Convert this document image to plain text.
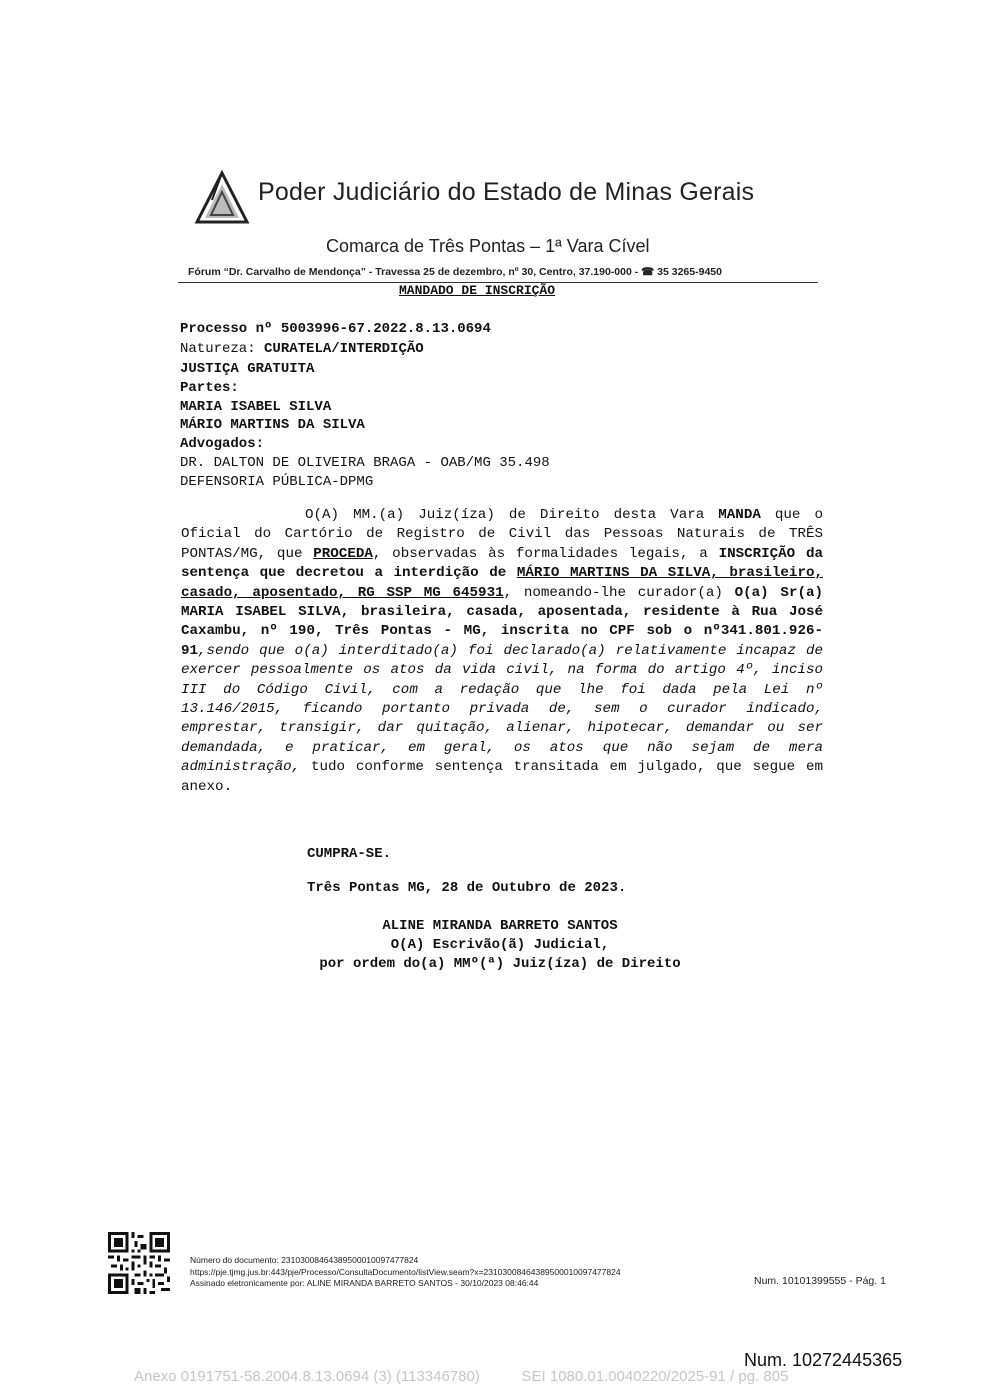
Poder Judiciário do Estado de Minas Gerais
Comarca de Três Pontas – 1ª Vara Cível
Fórum “Dr. Carvalho de Mendonça” - Travessa 25 de dezembro, nº 30, Centro, 37.190-000 - ☎ 35 3265-9450
MANDADO DE INSCRIÇÃO
Processo nº 5003996-67.2022.8.13.0694
Natureza: CURATELA/INTERDIÇÃO
JUSTIÇA GRATUITA
Partes:
MARIA ISABEL SILVA
MÁRIO MARTINS DA SILVA
Advogados:
DR. DALTON DE OLIVEIRA BRAGA - OAB/MG 35.498
DEFENSORIA PÚBLICA-DPMG

O(A) MM.(a) Juiz(íza) de Direito desta Vara MANDA que o Oficial do Cartório de Registro de Civil das Pessoas Naturais de TRÊS PONTAS/MG, que PROCEDA, observadas às formalidades legais, a INSCRIÇÃO da sentença que decretou a interdição de MÁRIO MARTINS DA SILVA, brasileiro, casado, aposentado, RG SSP MG 645931, nomeando-lhe curador(a) O(a) Sr(a) MARIA ISABEL SILVA, brasileira, casada, aposentada, residente à Rua José Caxambu, nº 190, Três Pontas - MG, inscrita no CPF sob o nº341.801.926-91,sendo que o(a) interditado(a) foi declarado(a) relativamente incapaz de exercer pessoalmente os atos da vida civil, na forma do artigo 4º, inciso III do Código Civil, com a redação que lhe foi dada pela Lei nº 13.146/2015, ficando portanto privada de, sem o curador indicado, emprestar, transigir, dar quitação, alienar, hipotecar, demandar ou ser demandada, e praticar, em geral, os atos que não sejam de mera administração, tudo conforme sentença transitada em julgado, que segue em anexo.

CUMPRA-SE.
Três Pontas MG, 28 de Outubro de 2023.
ALINE MIRANDA BARRETO SANTOS
O(A) Escrivão(ã) Judicial,
por ordem do(a) MMº(ª) Juiz(íza) de Direito
Número do documento: 23103008464389500010097477824
https://pje.tjmg.jus.br:443/pje/Processo/ConsultaDocumento/listView.seam?x=23103008464389500010097477824
Assinado eletronicamente por: ALINE MIRANDA BARRETO SANTOS - 30/10/2023 08:46:44	Num. 10101399555 - Pág. 1
Num. 10272445365
Anexo 0191751-58.2004.8.13.0694 (3) (113346780)          SEI 1080.01.0040220/2025-91 / pg. 805
